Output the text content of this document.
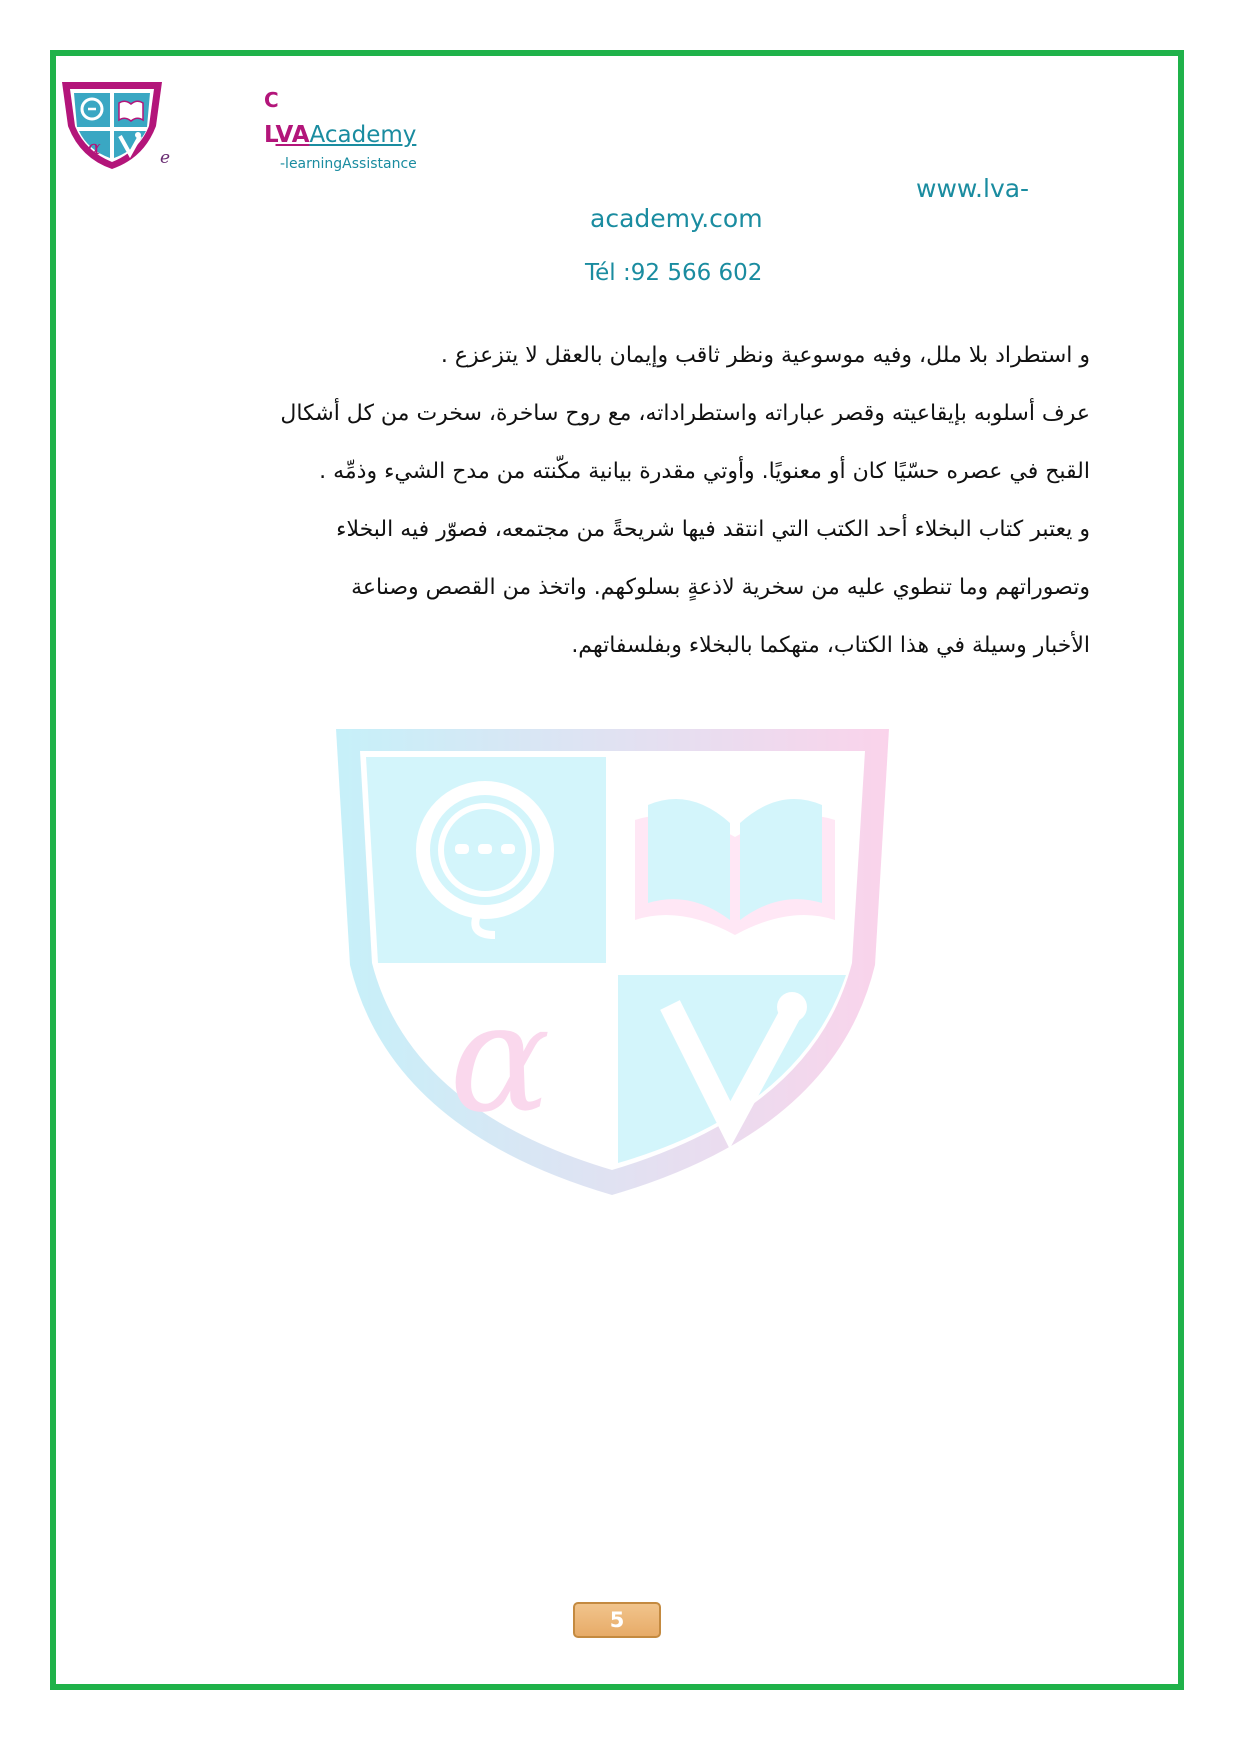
α	e
C
LVAAcademy
-learningAssistance
www.lva-
academy.com
Tél :92 566 602
α
و استطراد بلا ملل، وفيه موسوعية ونظر ثاقب وإيمان بالعقل لا يتزعزع .
عرف أسلوبه بإيقاعيته وقصر عباراته واستطراداته، مع روح ساخرة، سخرت من كل أشكال
القبح في عصره حسّيًا كان أو معنويًا. وأوتي مقدرة بيانية مكّنته من مدح الشيء وذمِّه .
و يعتبر كتاب البخلاء أحد الكتب التي انتقد فيها شريحةً من مجتمعه، فصوّر فيه البخلاء
وتصوراتهم وما تنطوي عليه من سخرية لاذعةٍ بسلوكهم. واتخذ من القصص وصناعة
الأخبار وسيلة في هذا الكتاب، متهكما بالبخلاء وبفلسفاتهم.
5
